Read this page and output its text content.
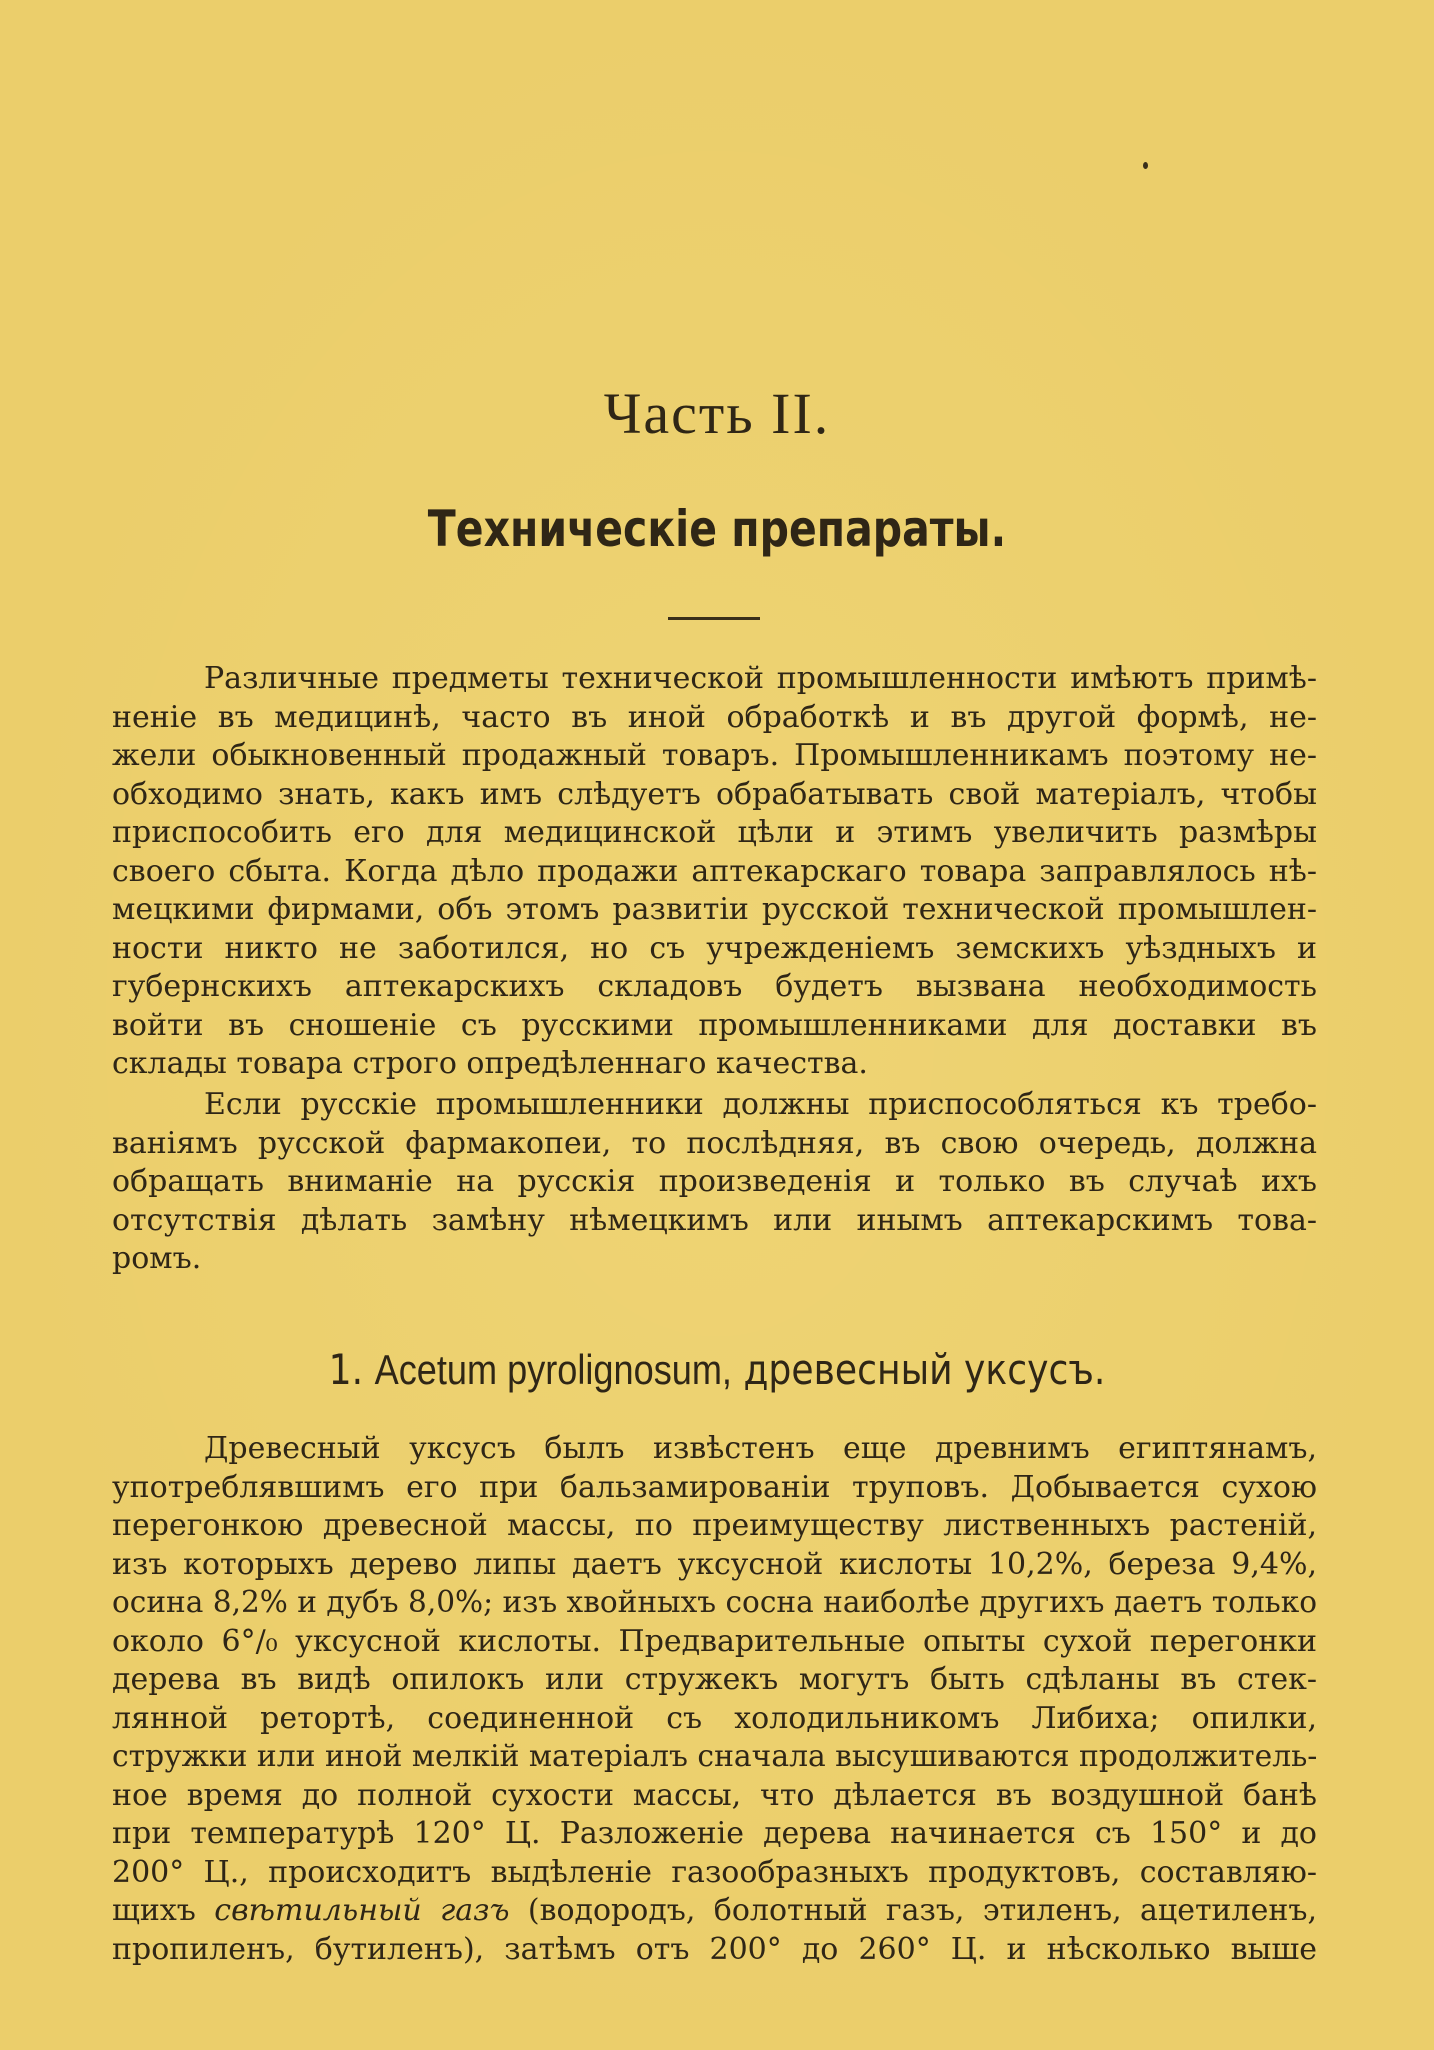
Часть II.
Техническіе препараты.
Различные предметы технической промышленности имѣютъ примѣ-
неніе въ медицинѣ, часто въ иной обработкѣ и въ другой формѣ, не-
жели обыкновенный продажный товаръ. Промышленникамъ поэтому не-
обходимо знать, какъ имъ слѣдуетъ обрабатывать свой матеріалъ, чтобы
приспособить его для медицинской цѣли и этимъ увеличить размѣры
своего сбыта. Когда дѣло продажи аптекарскаго товара заправлялось нѣ-
мецкими фирмами, объ этомъ развитіи русской технической промышлен-
ности никто не заботился, но съ учрежденіемъ земскихъ уѣздныхъ и
губернскихъ аптекарскихъ складовъ будетъ вызвана необходимость
войти въ сношеніе съ русскими промышленниками для доставки въ
склады товара строго опредѣленнаго качества.
Если русскіе промышленники должны приспособляться къ требо-
ваніямъ русской фармакопеи, то послѣдняя, въ свою очередь, должна
обращать вниманіе на русскія произведенія и только въ случаѣ ихъ
отсутствія дѣлать замѣну нѣмецкимъ или инымъ аптекарскимъ това-
ромъ.
1. Acetum pyrolignosum, древесный уксусъ.
Древесный уксусъ былъ извѣстенъ еще древнимъ египтянамъ,
употреблявшимъ его при бальзамированіи труповъ. Добывается сухою
перегонкою древесной массы, по преимуществу лиственныхъ растеній,
изъ которыхъ дерево липы даетъ уксусной кислоты 10,2%, береза 9,4%,
осина 8,2% и дубъ 8,0%; изъ хвойныхъ сосна наиболѣе другихъ даетъ только
около 6°/₀ уксусной кислоты. Предварительные опыты сухой перегонки
дерева въ видѣ опилокъ или стружекъ могутъ быть сдѣланы въ стек-
лянной ретортѣ, соединенной съ холодильникомъ Либиха; опилки,
стружки или иной мелкій матеріалъ сначала высушиваются продолжитель-
ное время до полной сухости массы, что дѣлается въ воздушной банѣ
при температурѣ 120° Ц. Разложеніе дерева начинается съ 150° и до
200° Ц., происходитъ выдѣленіе газообразныхъ продуктовъ, составляю-
щихъ свѣтильный газъ (водородъ, болотный газъ, этиленъ, ацетиленъ,
пропиленъ, бутиленъ), затѣмъ отъ 200° до 260° Ц. и нѣсколько выше
